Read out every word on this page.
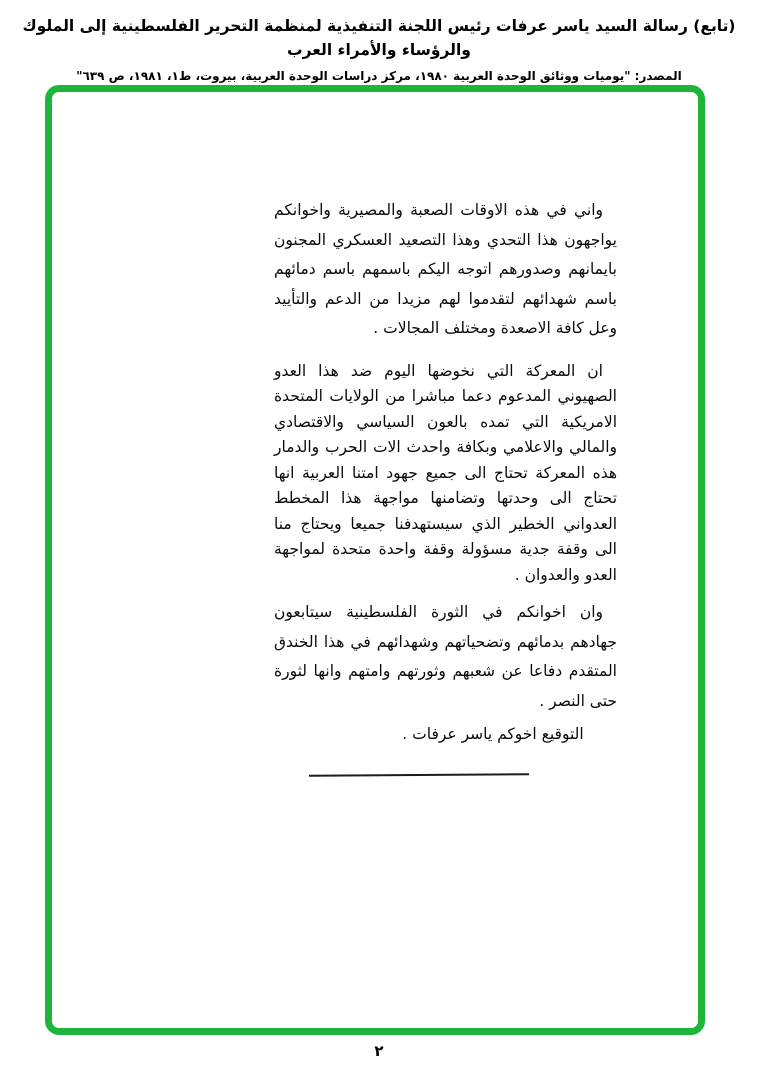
(تابع) رسالة السيد ياسر عرفات رئيس اللجنة التنفيذية لمنظمة التحرير الفلسطينية إلى الملوك والرؤساء والأمراء العرب
المصدر: "يوميات ووثائق الوحدة العربية ١٩٨٠، مركز دراسات الوحدة العربية، بيروت، ط١، ١٩٨١، ص ٦٣٩"

واني في هذه الاوقات الصعبة والمصيرية واخوانكم يواجهون هذا التحدي وهذا التصعيد العسكري المجنون بايمانهم وصدورهم اتوجه اليكم باسمهم باسم دمائهم باسم شهدائهم لتقدموا لهم مزيدا من الدعم والتأييد وعل كافة الاصعدة ومختلف المجالات .

ان المعركة التي نخوضها اليوم ضد هذا العدو الصهيوني المدعوم دعما مباشرا من الولايات المتحدة الامريكية التي تمده بالعون السياسي والاقتصادي والمالي والاعلامي وبكافة واحدث الات الحرب والدمار هذه المعركة تحتاج الى جميع جهود امتنا العربية انها تحتاج الى وحدتها وتضامنها مواجهة هذا المخطط العدواني الخطير الذي سيستهدفنا جميعا ويحتاج منا الى وقفة جدية مسؤولة وقفة واحدة متحدة لمواجهة العدو والعدوان .

وان اخوانكم في الثورة الفلسطينية سيتابعون جهادهم بدمائهم وتضحياتهم وشهدائهم في هذا الخندق المتقدم دفاعا عن شعبهم وثورتهم وامتهم وانها لثورة حتى النصر .

التوقيع اخوكم ياسر عرفات .
٢
